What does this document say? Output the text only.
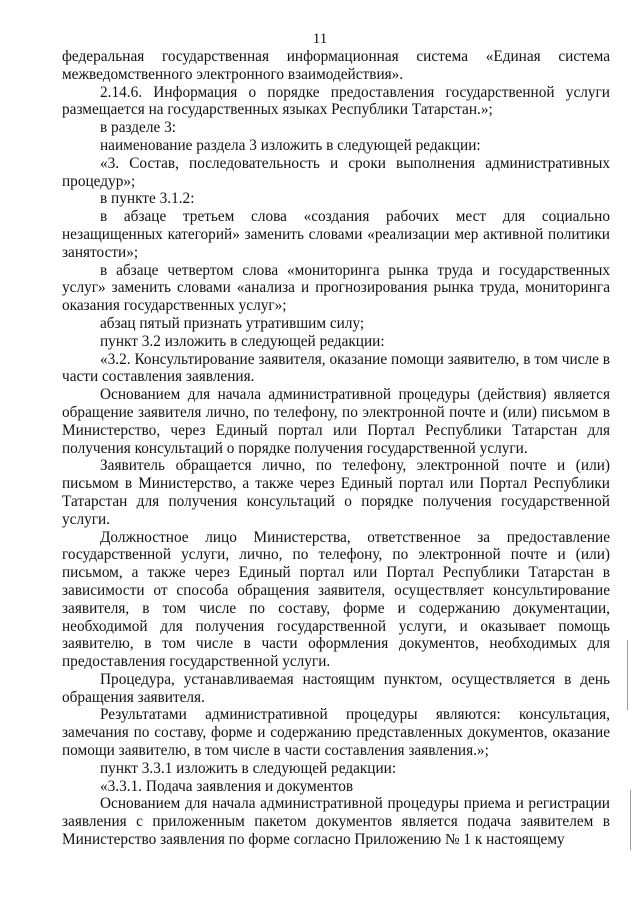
11

федеральная государственная информационная система «Единая система межведомственного электронного взаимодействия».

2.14.6. Информация о порядке предоставления государственной услуги размещается на государственных языках Республики Татарстан.»;

в разделе 3:

наименование раздела 3 изложить в следующей редакции:

«3. Состав, последовательность и сроки выполнения административных процедур»;

в пункте 3.1.2:

в абзаце третьем слова «создания рабочих мест для социально незащищенных категорий» заменить словами «реализации мер активной политики занятости»;

в абзаце четвертом слова «мониторинга рынка труда и государственных услуг» заменить словами «анализа и прогнозирования рынка труда, мониторинга оказания государственных услуг»;

абзац пятый признать утратившим силу;

пункт 3.2 изложить в следующей редакции:

«3.2. Консультирование заявителя, оказание помощи заявителю, в том числе в части составления заявления.

Основанием для начала административной процедуры (действия) является обращение заявителя лично, по телефону, по электронной почте и (или) письмом в Министерство, через Единый портал или Портал Республики Татарстан для получения консультаций о порядке получения государственной услуги.

Заявитель обращается лично, по телефону, электронной почте и (или) письмом в Министерство, а также через Единый портал или Портал Республики Татарстан для получения консультаций о порядке получения государственной услуги.

Должностное лицо Министерства, ответственное за предоставление государственной услуги, лично, по телефону, по электронной почте и (или) письмом, а также через Единый портал или Портал Республики Татарстан в зависимости от способа обращения заявителя, осуществляет консультирование заявителя, в том числе по составу, форме и содержанию документации, необходимой для получения государственной услуги, и оказывает помощь заявителю, в том числе в части оформления документов, необходимых для предоставления государственной услуги.

Процедура, устанавливаемая настоящим пунктом, осуществляется в день обращения заявителя.

Результатами административной процедуры являются: консультация, замечания по составу, форме и содержанию представленных документов, оказание помощи заявителю, в том числе в части составления заявления.»;

пункт 3.3.1 изложить в следующей редакции:

«3.3.1. Подача заявления и документов

Основанием для начала административной процедуры приема и регистрации заявления с приложенным пакетом документов является подача заявителем в Министерство заявления по форме согласно Приложению № 1 к настоящему
